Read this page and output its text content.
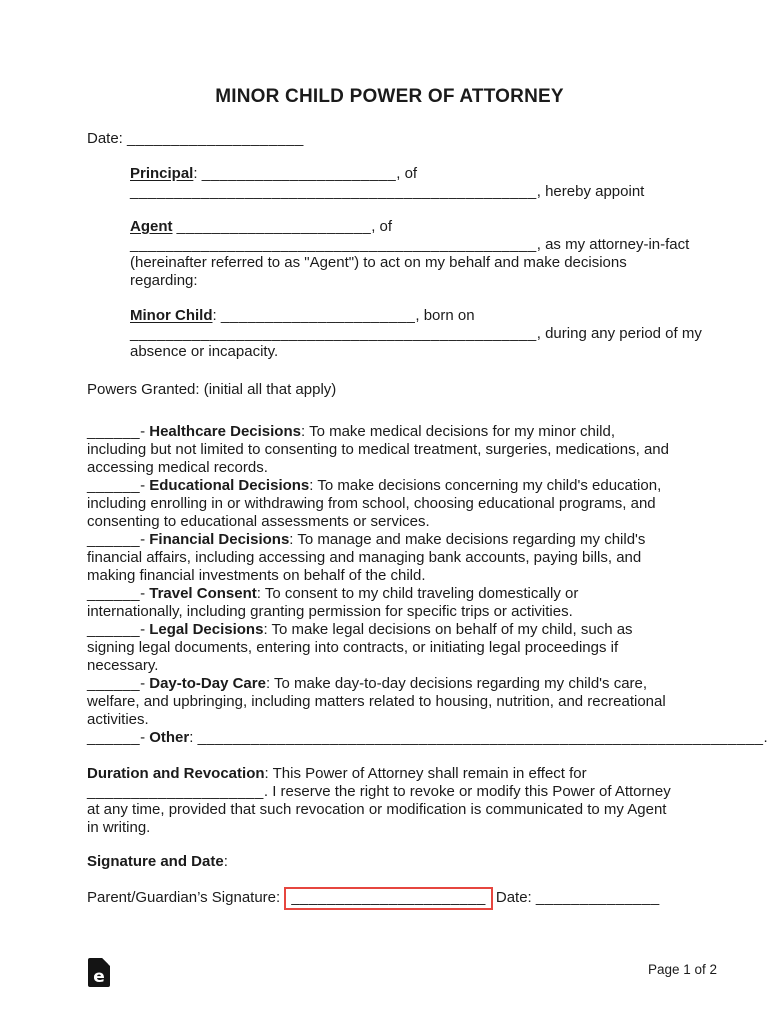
MINOR CHILD POWER OF ATTORNEY
Date: ____________________
Principal: ______________________, of
______________________________________________, hereby appoint
Agent ______________________, of
______________________________________________, as my attorney-in-fact
(hereinafter referred to as "Agent") to act on my behalf and make decisions
regarding:
Minor Child: ______________________, born on
______________________________________________, during any period of my
absence or incapacity.
Powers Granted: (initial all that apply)
______- Healthcare Decisions: To make medical decisions for my minor child,
including but not limited to consenting to medical treatment, surgeries, medications, and
accessing medical records.
______- Educational Decisions: To make decisions concerning my child's education,
including enrolling in or withdrawing from school, choosing educational programs, and
consenting to educational assessments or services.
______- Financial Decisions: To manage and make decisions regarding my child's
financial affairs, including accessing and managing bank accounts, paying bills, and
making financial investments on behalf of the child.
______- Travel Consent: To consent to my child traveling domestically or
internationally, including granting permission for specific trips or activities.
______- Legal Decisions: To make legal decisions on behalf of my child, such as
signing legal documents, entering into contracts, or initiating legal proceedings if
necessary.
______- Day-to-Day Care: To make day-to-day decisions regarding my child's care,
welfare, and upbringing, including matters related to housing, nutrition, and recreational
activities.
______- Other: ________________________________________________________________.
Duration and Revocation: This Power of Attorney shall remain in effect for
____________________. I reserve the right to revoke or modify this Power of Attorney
at any time, provided that such revocation or modification is communicated to my Agent
in writing.
Signature and Date:
Parent/Guardian’s Signature: ______________________ Date: ______________
e	Page 1 of 2
